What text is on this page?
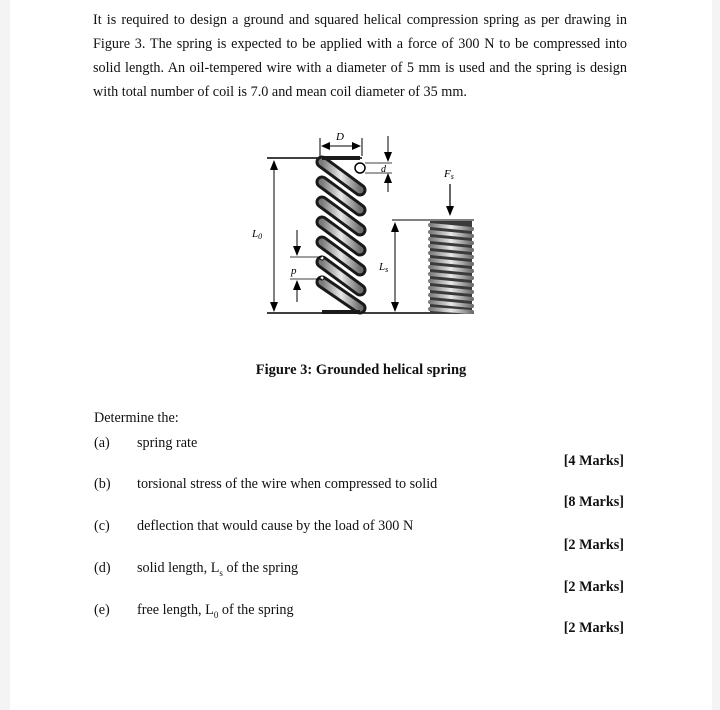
It is required to design a ground and squared helical compression spring as per drawing in Figure 3. The spring is expected to be applied with a force of 300 N to be compressed into solid length. An oil-tempered wire with a diameter of 5 mm is used and the spring is design with total number of coil is 7.0 and mean coil diameter of 35 mm.

L0
D
d
p	Ls
Fs
Figure 3: Grounded helical spring
Determine the:
(a) spring rate
[4 Marks]
(b) torsional stress of the wire when compressed to solid
[8 Marks]
(c) deflection that would cause by the load of 300 N
[2 Marks]
(d) solid length, $L_s$ of the spring
[2 Marks]
(e) free length, $L_0$ of the spring
[2 Marks]
